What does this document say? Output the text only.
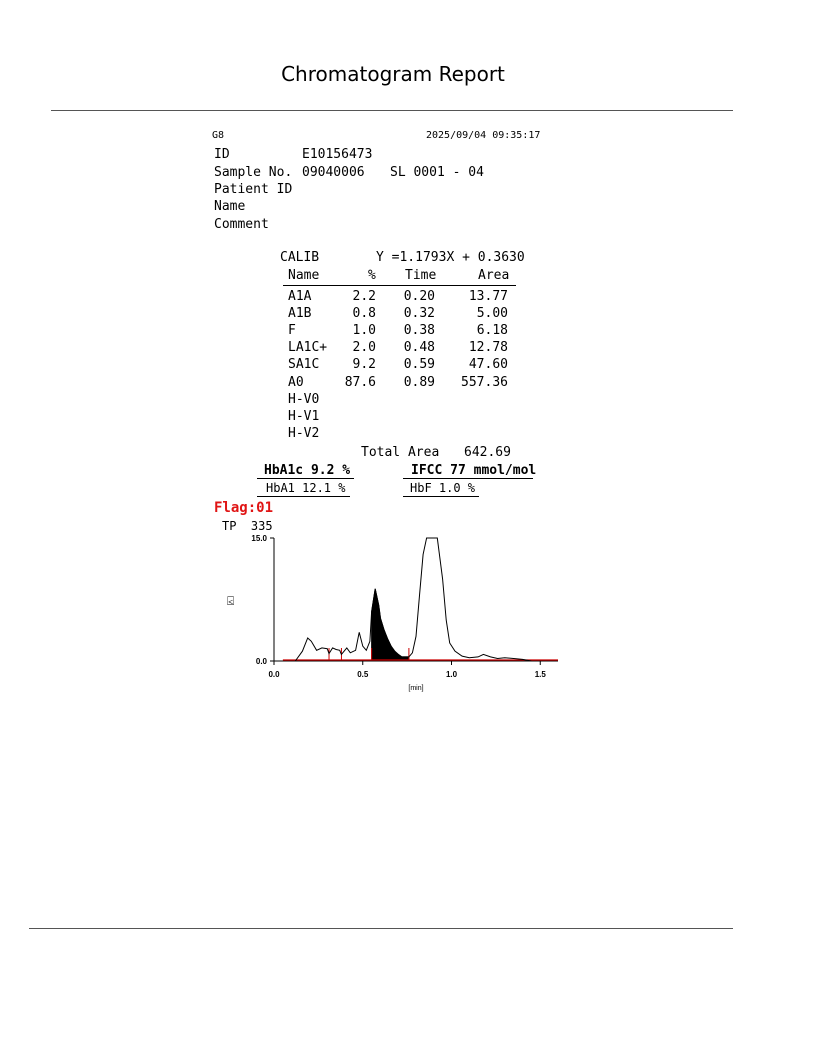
Chromatogram Report
G8	2025/09/04 09:35:17
ID	E10156473
Sample No. 09040006 SL 0001 - 04
Patient ID
Name
Comment
CALIB	Y =1.1793X + 0.3630
Name	% Time	Area
A1A	2.2 0.20	13.77
A1B	0.8 0.32	5.00
F	1.0 0.38	6.18
LA1C+	2.0 0.48	12.78
SA1C	9.2 0.59	47.60
A0	87.6 0.89	557.36
H-V0
H-V1
H-V2
Total Area 642.69
HbA1c 9.2 %	IFCC 77 mmol/mol
HbA1 12.1 %	HbF 1.0 %
Flag:01
TP  335
0.0
15.0
0.0	0.5	1.0	1.5
[min]
⍃
